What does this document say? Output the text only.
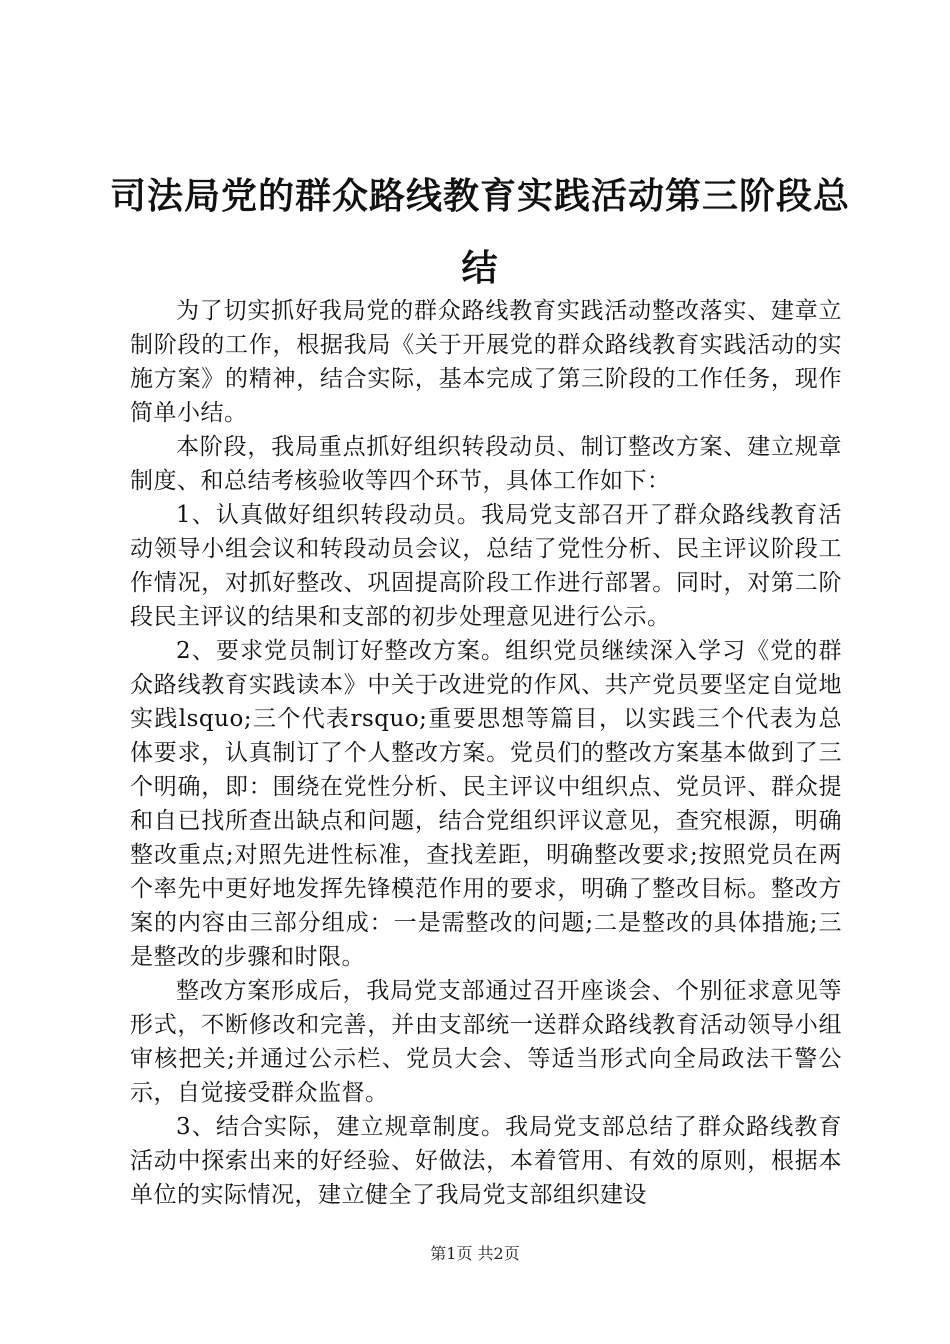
司法局党的群众路线教育实践活动第三阶段总结

为了切实抓好我局党的群众路线教育实践活动整改落实、建章立制阶段的工作，根据我局《关于开展党的群众路线教育实践活动的实施方案》的精神，结合实际，基本完成了第三阶段的工作任务，现作简单小结。

本阶段，我局重点抓好组织转段动员、制订整改方案、建立规章制度、和总结考核验收等四个环节，具体工作如下：

1、认真做好组织转段动员。我局党支部召开了群众路线教育活动领导小组会议和转段动员会议，总结了党性分析、民主评议阶段工作情况，对抓好整改、巩固提高阶段工作进行部署。同时，对第二阶段民主评议的结果和支部的初步处理意见进行公示。

2、要求党员制订好整改方案。组织党员继续深入学习《党的群众路线教育实践读本》中关于改进党的作风、共产党员要坚定自觉地实践lsquo;三个代表rsquo;重要思想等篇目，以实践三个代表为总体要求，认真制订了个人整改方案。党员们的整改方案基本做到了三个明确，即：围绕在党性分析、民主评议中组织点、党员评、群众提和自已找所查出缺点和问题，结合党组织评议意见，查究根源，明确整改重点;对照先进性标准，查找差距，明确整改要求;按照党员在两个率先中更好地发挥先锋模范作用的要求，明确了整改目标。整改方案的内容由三部分组成：一是需整改的问题;二是整改的具体措施;三是整改的步骤和时限。

整改方案形成后，我局党支部通过召开座谈会、个别征求意见等形式，不断修改和完善，并由支部统一送群众路线教育活动领导小组审核把关;并通过公示栏、党员大会、等适当形式向全局政法干警公示，自觉接受群众监督。

3、结合实际，建立规章制度。我局党支部总结了群众路线教育活动中探索出来的好经验、好做法，本着管用、有效的原则，根据本单位的实际情况，建立健全了我局党支部组织建设

第1页 共2页
